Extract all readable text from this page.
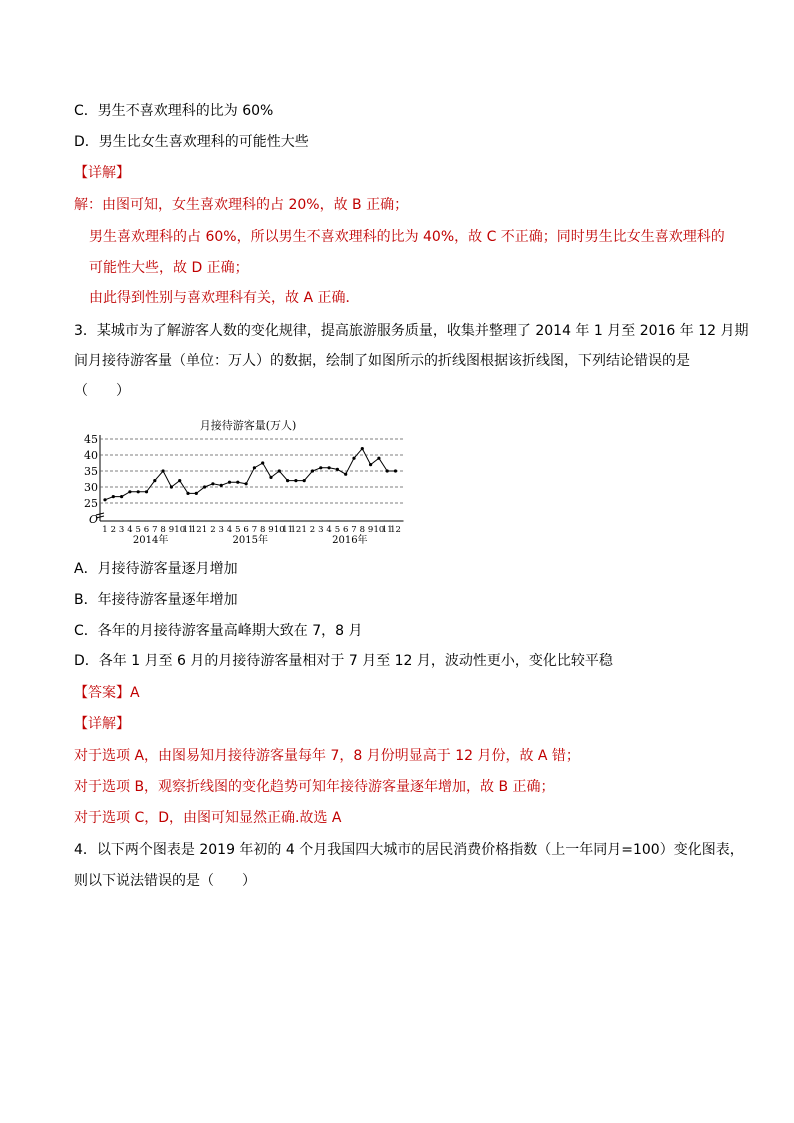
C．男生不喜欢理科的比为 60%
D．男生比女生喜欢理科的可能性大些
【详解】
解：由图可知，女生喜欢理科的占 20%，故 B 正确；
男生喜欢理科的占 60%，所以男生不喜欢理科的比为 40%，故 C 不正确；同时男生比女生喜欢理科的
可能性大些，故 D 正确；
由此得到性别与喜欢理科有关，故 A 正确．
3．某城市为了解游客人数的变化规律，提高旅游服务质量，收集并整理了 2014 年 1 月至 2016 年 12 月期
间月接待游客量（单位：万人）的数据，绘制了如图所示的折线图根据该折线图，下列结论错误的是
（　　）
月接待游客量(万人)
25
30
35
40
45
1 2 3 4 5 6 7 8 9 10
11
12 1 2 3 4 5 6 7 8 9 10
11
12 1 2 3 4 5 6 7 8 9 10
11
12
2014年	2015年	2016年
O
A．月接待游客量逐月增加
B．年接待游客量逐年增加
C．各年的月接待游客量高峰期大致在 7，8 月
D．各年 1 月至 6 月的月接待游客量相对于 7 月至 12 月，波动性更小，变化比较平稳
【答案】A
【详解】
对于选项 A，由图易知月接待游客量每年 7，8 月份明显高于 12 月份，故 A 错；
对于选项 B，观察折线图的变化趋势可知年接待游客量逐年增加，故 B 正确；
对于选项 C，D，由图可知显然正确.故选 A
4．以下两个图表是 2019 年初的 4 个月我国四大城市的居民消费价格指数（上一年同月=100）变化图表，
则以下说法错误的是（　　）
